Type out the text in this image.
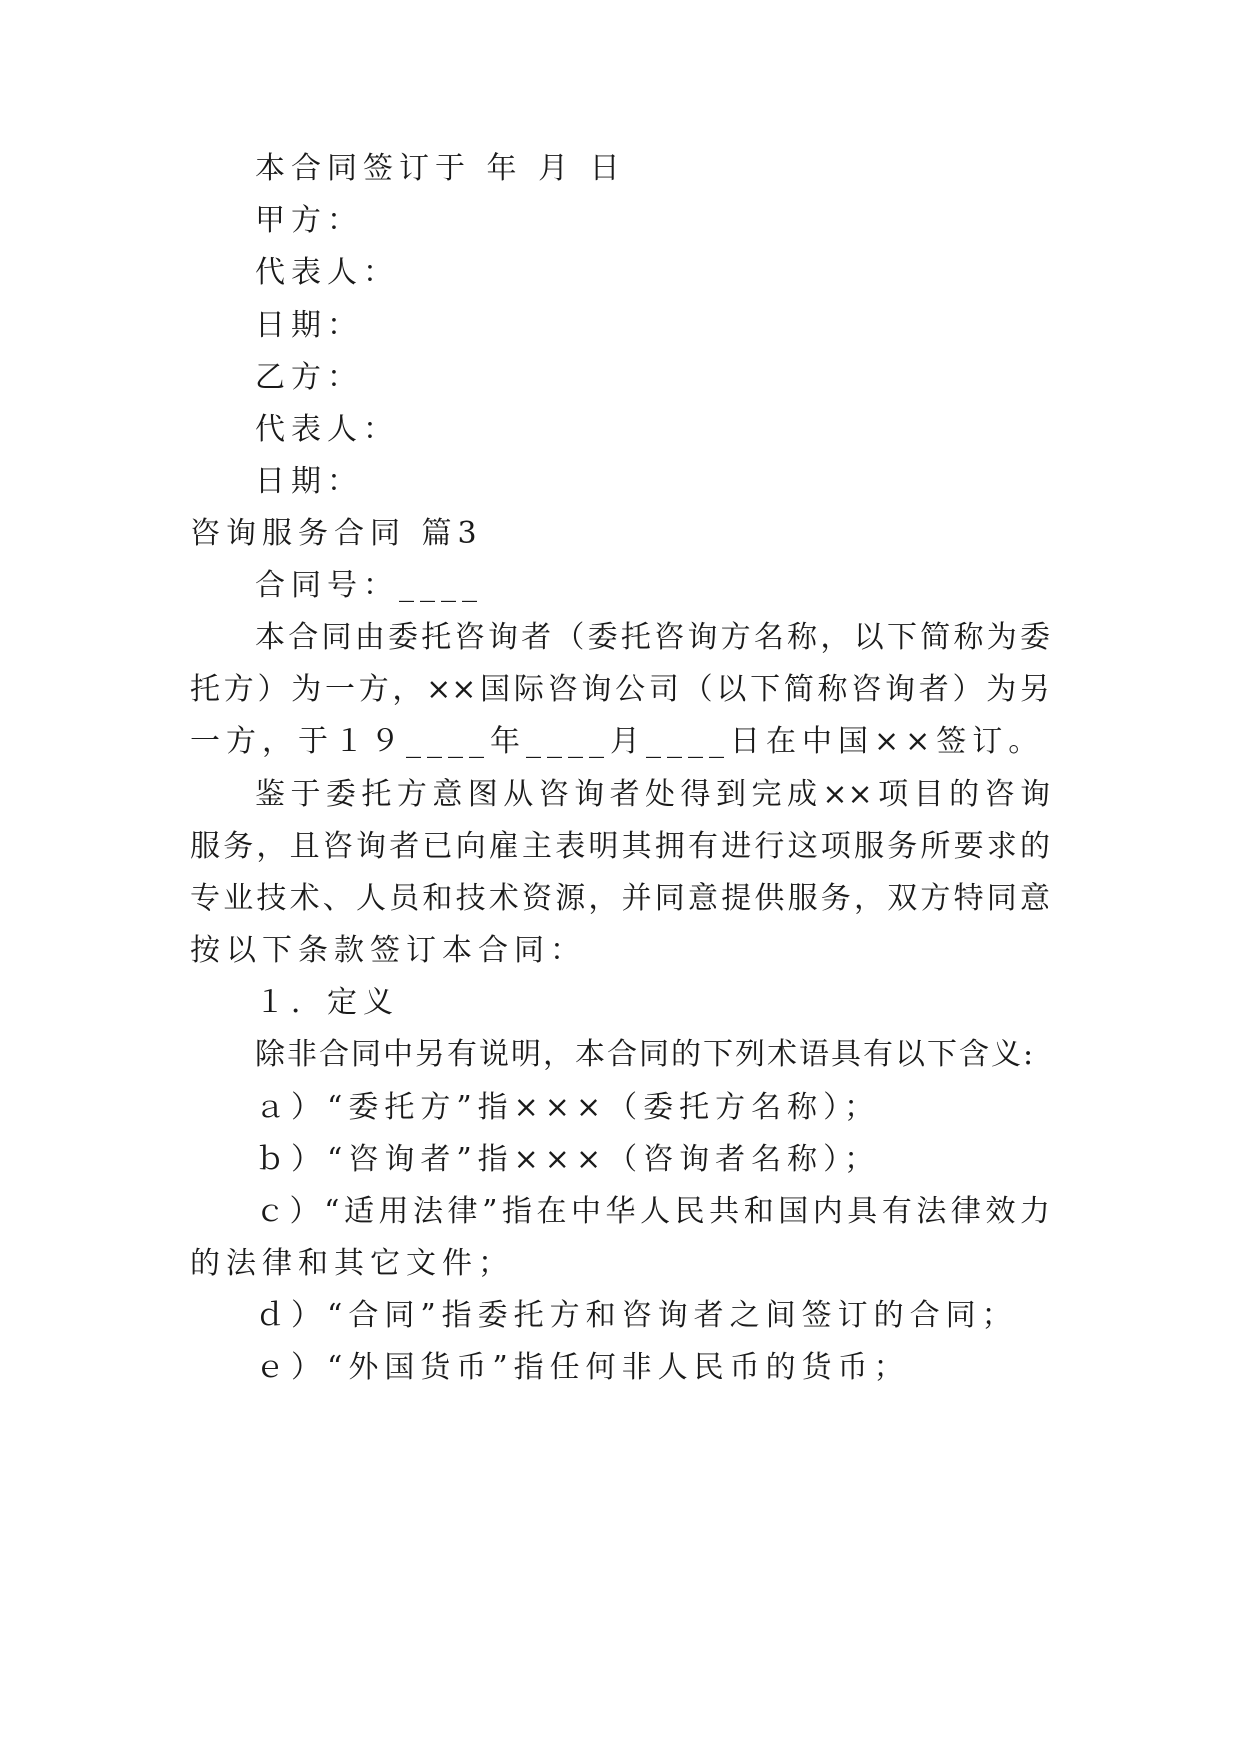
本合同签订于 年 月 日
甲方：
代表人：
日期：
乙方：
代表人：
日期：
咨询服务合同 篇3
合同号：____
本合同由委托咨询者（委托咨询方名称，以下简称为委
托方）为一方，××国际咨询公司（以下简称咨询者）为另
一方，于１９____年____月____日在中国××签订。
鉴于委托方意图从咨询者处得到完成××项目的咨询
服务，且咨询者已向雇主表明其拥有进行这项服务所要求的
专业技术、人员和技术资源，并同意提供服务，双方特同意
按以下条款签订本合同：
１．定义
除非合同中另有说明，本合同的下列术语具有以下含义:
ａ）“委托方”指×××（委托方名称）；
ｂ）“咨询者”指×××（咨询者名称）；
ｃ）“适用法律”指在中华人民共和国内具有法律效力
的法律和其它文件；
ｄ）“合同”指委托方和咨询者之间签订的合同；
ｅ）“外国货币”指任何非人民币的货币；
